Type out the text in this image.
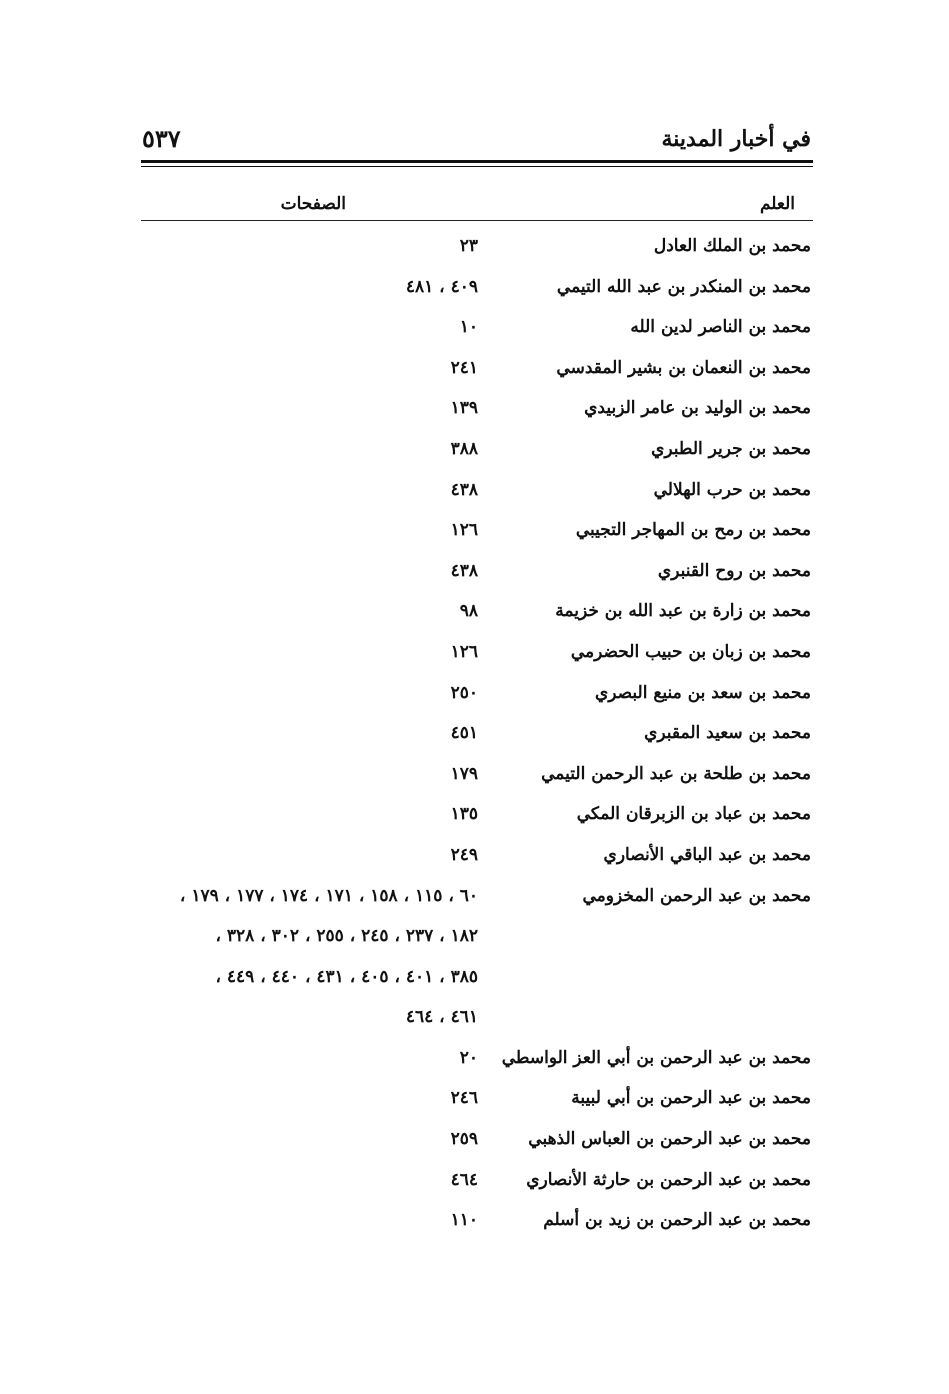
في أخبار المدينة
٥٣٧
العلم
الصفحات
محمد بن الملك العادل
٢٣
محمد بن المنكدر بن عبد الله التيمي
٤٠٩ ، ٤٨١
محمد بن الناصر لدين الله
١٠
محمد بن النعمان بن بشير المقدسي
٢٤١
محمد بن الوليد بن عامر الزبيدي
١٣٩
محمد بن جرير الطبري
٣٨٨
محمد بن حرب الهلالي
٤٣٨
محمد بن رمح بن المهاجر التجيبي
١٢٦
محمد بن روح القنبري
٤٣٨
محمد بن زارة بن عبد الله بن خزيمة
٩٨
محمد بن زبان بن حبيب الحضرمي
١٢٦
محمد بن سعد بن منيع البصري
٢٥٠
محمد بن سعيد المقبري
٤٥١
محمد بن طلحة بن عبد الرحمن التيمي
١٧٩
محمد بن عباد بن الزبرقان المكي
١٣٥
محمد بن عبد الباقي الأنصاري
٢٤٩
محمد بن عبد الرحمن المخزومي
٦٠ ، ١١٥ ، ١٥٨ ، ١٧١ ، ١٧٤ ، ١٧٧ ، ١٧٩ ،
١٨٢ ، ٢٣٧ ، ٢٤٥ ، ٢٥٥ ، ٣٠٢ ، ٣٢٨ ،
٣٨٥ ، ٤٠١ ، ٤٠٥ ، ٤٣١ ، ٤٤٠ ، ٤٤٩ ،
٤٦١ ، ٤٦٤
محمد بن عبد الرحمن بن أبي العز الواسطي
٢٠
محمد بن عبد الرحمن بن أبي لبيبة
٢٤٦
محمد بن عبد الرحمن بن العباس الذهبي
٢٥٩
محمد بن عبد الرحمن بن حارثة الأنصاري
٤٦٤
محمد بن عبد الرحمن بن زيد بن أسلم
١١٠
